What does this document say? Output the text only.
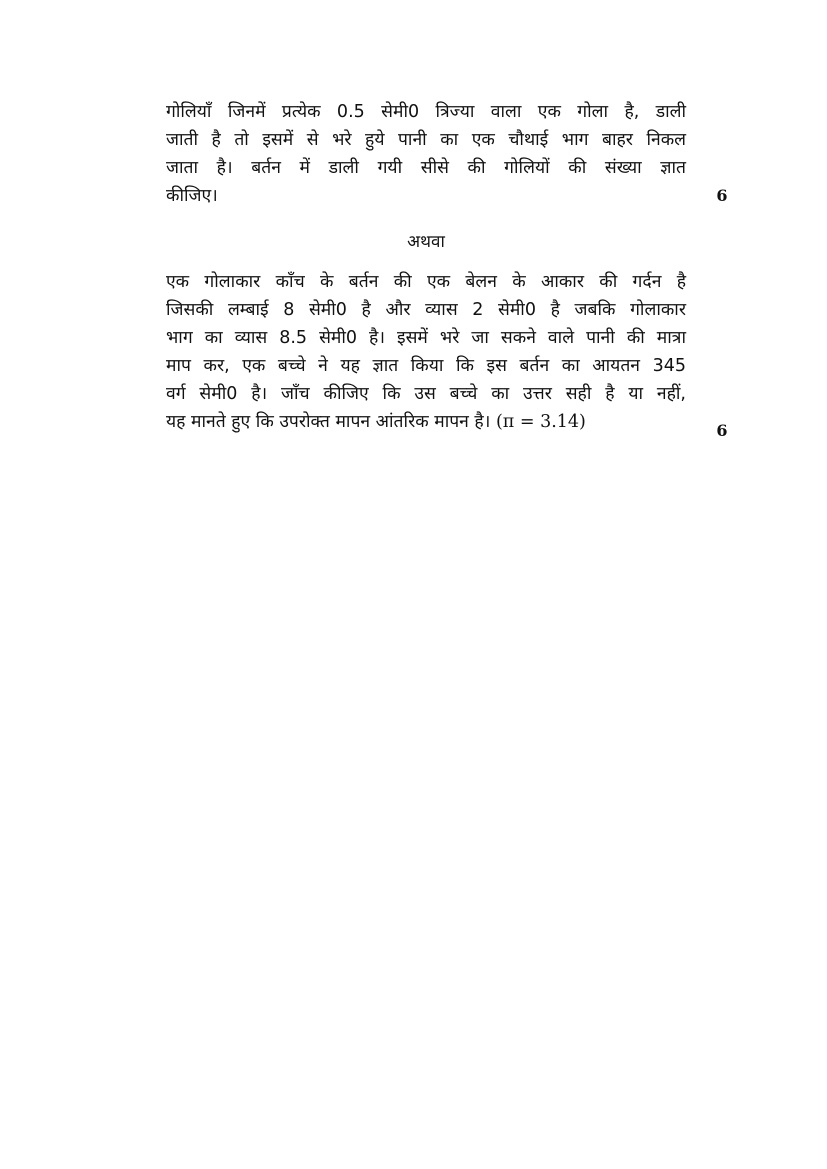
गोलियाँ जिनमें प्रत्येक 0.5 सेमी0 त्रिज्या वाला एक गोला है, डाली
जाती है तो इसमें से भरे हुये पानी का एक चौथाई भाग बाहर निकल
जाता है। बर्तन में डाली गयी सीसे की गोलियों की संख्या ज्ञात
कीजिए।	6
अथवा
एक गोलाकार काँच के बर्तन की एक बेलन के आकार की गर्दन है
जिसकी लम्बाई 8 सेमी0 है और व्यास 2 सेमी0 है जबकि गोलाकार
भाग का व्यास 8.5 सेमी0 है। इसमें भरे जा सकने वाले पानी की मात्रा
माप कर, एक बच्चे ने यह ज्ञात किया कि इस बर्तन का आयतन 345
वर्ग सेमी0 है। जाँच कीजिए कि उस बच्चे का उत्तर सही है या नहीं,
यह मानते हुए कि उपरोक्त मापन आंतरिक मापन है। (π = 3.14)	6
